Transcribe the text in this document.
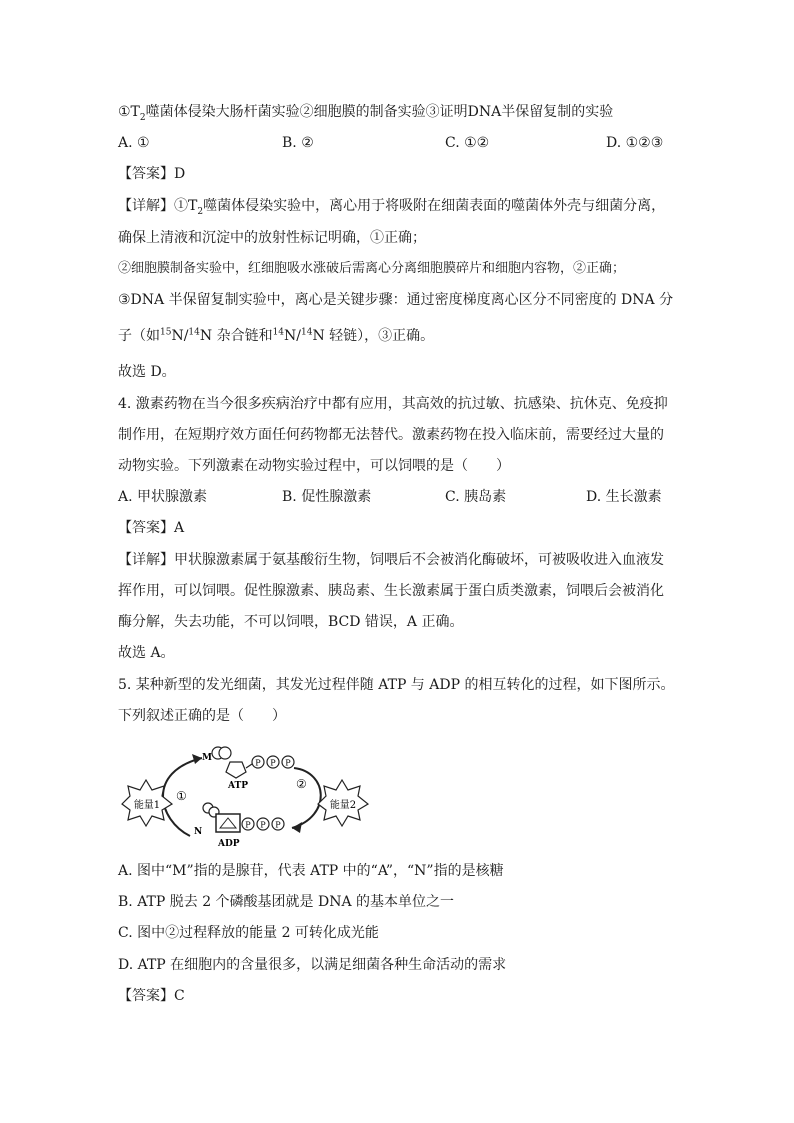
$①T_2$噬菌体侵染大肠杆菌实验②细胞膜的制备实验③证明DNA半保留复制的实验
A. ①	B. ②	C. ①②	D. ①②③
【答案】D
【详解】$①T_2$噬菌体侵染实验中，离心用于将吸附在细菌表面的噬菌体外壳与细菌分离，
确保上清液和沉淀中的放射性标记明确，①正确；
②细胞膜制备实验中，红细胞吸水涨破后需离心分离细胞膜碎片和细胞内容物，②正确；
③DNA 半保留复制实验中，离心是关键步骤：通过密度梯度离心区分不同密度的 DNA 分
子（如$^{15}$N/$^{14}$N 杂合链和$^{14}$N/$^{14}$N 轻链），③正确。
故选 D。
4. 激素药物在当今很多疾病治疗中都有应用，其高效的抗过敏、抗感染、抗休克、免疫抑
制作用，在短期疗效方面任何药物都无法替代。激素药物在投入临床前，需要经过大量的
动物实验。下列激素在动物实验过程中，可以饲喂的是（　　）
A. 甲状腺激素	B. 促性腺激素	C. 胰岛素	D. 生长激素
【答案】A
【详解】甲状腺激素属于氨基酸衍生物，饲喂后不会被消化酶破坏，可被吸收进入血液发
挥作用，可以饲喂。促性腺激素、胰岛素、生长激素属于蛋白质类激素，饲喂后会被消化
酶分解，失去功能，不可以饲喂，BCD 错误，A 正确。
故选 A。
5. 某种新型的发光细菌，其发光过程伴随 ATP 与 ADP 的相互转化的过程，如下图所示。
下列叙述正确的是（　　）
能量1	能量2
①
②
M	P P P
ATP
N
P P P
ADP
A. 图中“M”指的是腺苷，代表 ATP 中的“A”，“N”指的是核糖
B. ATP 脱去 2 个磷酸基团就是 DNA 的基本单位之一
C. 图中②过程释放的能量 2 可转化成光能
D. ATP 在细胞内的含量很多，以满足细菌各种生命活动的需求
【答案】C
